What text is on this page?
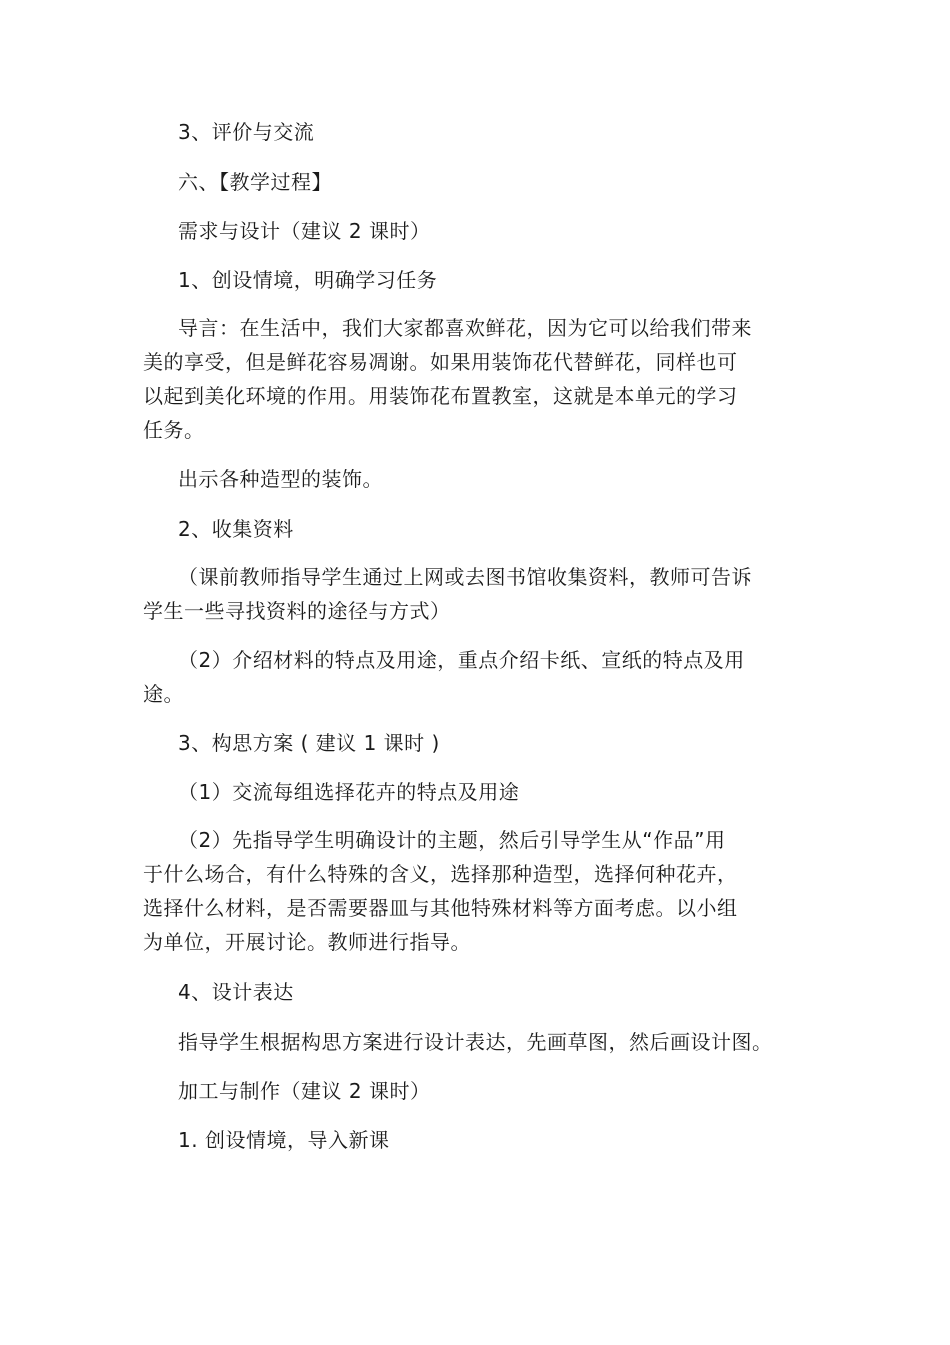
3、评价与交流

六、【教学过程】

需求与设计（建议 2 课时）

1、创设情境，明确学习任务

导言：在生活中，我们大家都喜欢鲜花，因为它可以给我们带来
美的享受，但是鲜花容易凋谢。如果用装饰花代替鲜花，同样也可
以起到美化环境的作用。用装饰花布置教室，这就是本单元的学习
任务。

出示各种造型的装饰。

2、收集资料

（课前教师指导学生通过上网或去图书馆收集资料，教师可告诉
学生一些寻找资料的途径与方式）
（2）介绍材料的特点及用途，重点介绍卡纸、宣纸的特点及用
途。

3、构思方案 ( 建议 1 课时 )

（1）交流每组选择花卉的特点及用途

（2）先指导学生明确设计的主题，然后引导学生从“作品”用
于什么场合，有什么特殊的含义，选择那种造型，选择何种花卉，
选择什么材料，是否需要器皿与其他特殊材料等方面考虑。以小组
为单位，开展讨论。教师进行指导。

4、设计表达

指导学生根据构思方案进行设计表达，先画草图，然后画设计图。

加工与制作（建议 2 课时）

1. 创设情境，导入新课
